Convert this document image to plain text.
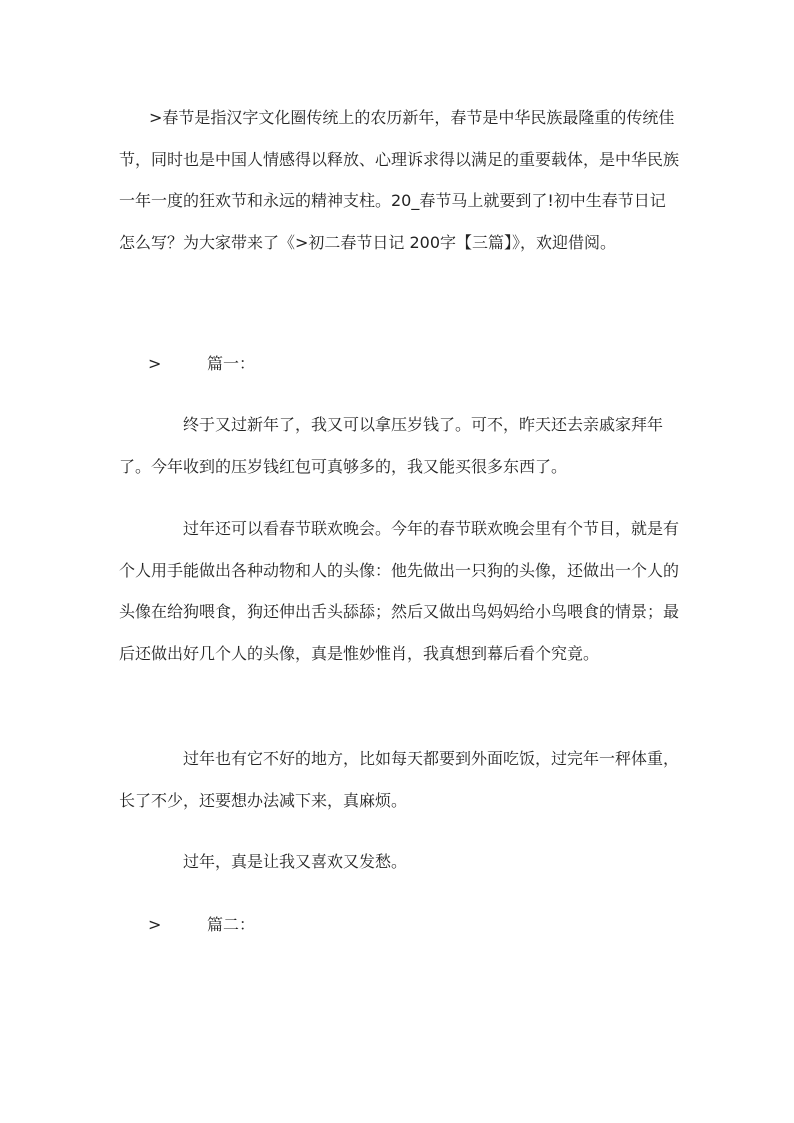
>春节是指汉字文化圈传统上的农历新年，春节是中华民族最隆重的传统佳节，同时也是中国人情感得以释放、心理诉求得以满足的重要载体，是中华民族一年一度的狂欢节和永远的精神支柱。20_春节马上就要到了!初中生春节日记怎么写？为大家带来了《>初二春节日记 200字【三篇】》，欢迎借阅。

>	篇一：

终于又过新年了，我又可以拿压岁钱了。可不，昨天还去亲戚家拜年了。今年收到的压岁钱红包可真够多的，我又能买很多东西了。

过年还可以看春节联欢晚会。今年的春节联欢晚会里有个节目，就是有个人用手能做出各种动物和人的头像：他先做出一只狗的头像，还做出一个人的头像在给狗喂食，狗还伸出舌头舔舔；然后又做出鸟妈妈给小鸟喂食的情景；最后还做出好几个人的头像，真是惟妙惟肖，我真想到幕后看个究竟。

过年也有它不好的地方，比如每天都要到外面吃饭，过完年一秤体重，长了不少，还要想办法减下来，真麻烦。

过年，真是让我又喜欢又发愁。

>	篇二：
